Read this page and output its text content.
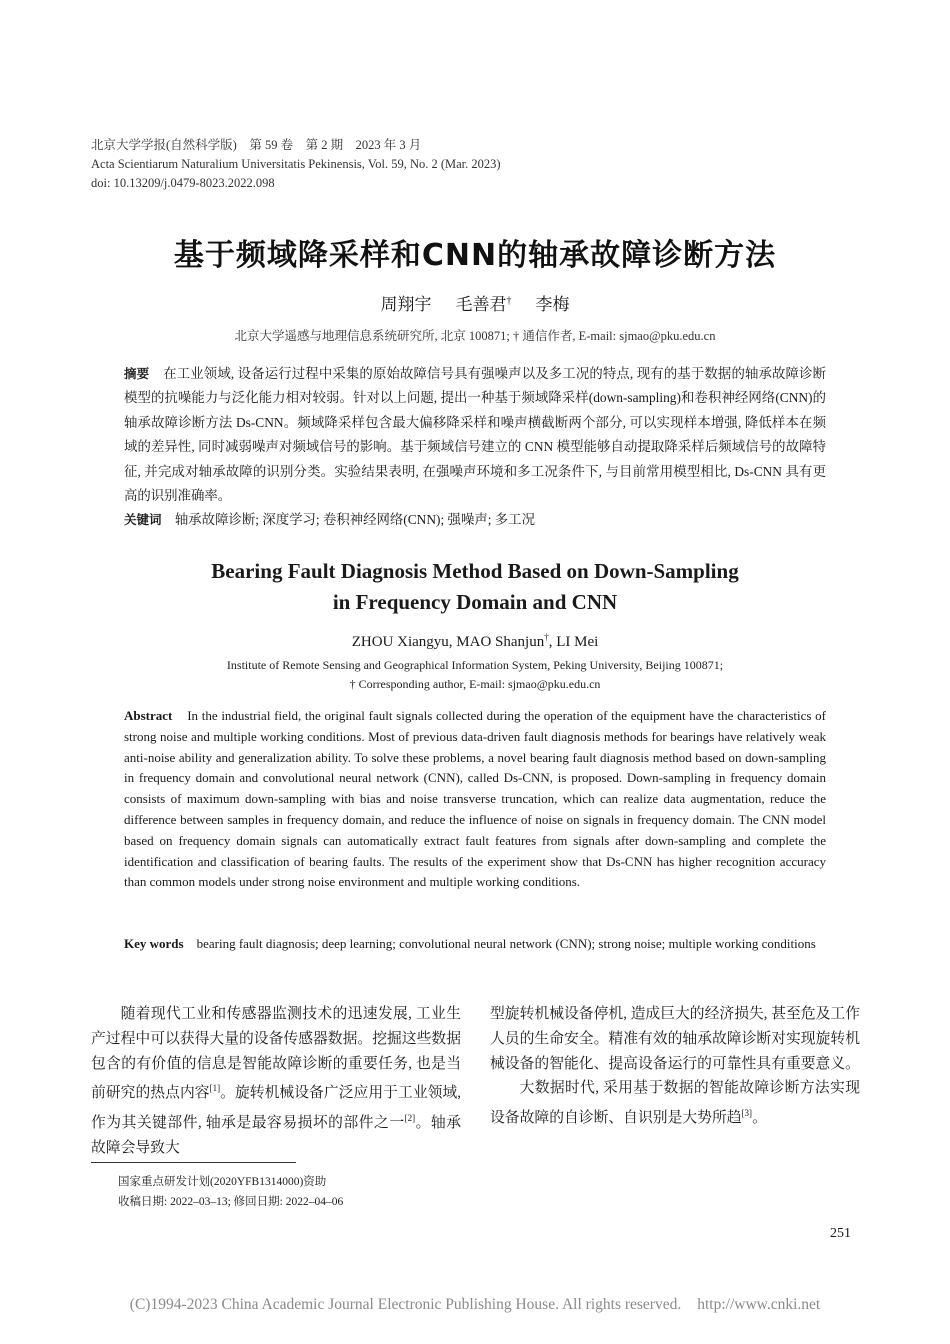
北京大学学报(自然科学版)　第 59 卷　第 2 期　2023 年 3 月
Acta Scientiarum Naturalium Universitatis Pekinensis, Vol. 59, No. 2 (Mar. 2023)
doi: 10.13209/j.0479-8023.2022.098
基于频域降采样和CNN的轴承故障诊断方法
周翔宇 毛善君† 李梅
北京大学遥感与地理信息系统研究所, 北京 100871; † 通信作者, E-mail: sjmao@pku.edu.cn
摘要 在工业领域, 设备运行过程中采集的原始故障信号具有强噪声以及多工况的特点, 现有的基于数据的轴承故障诊断模型的抗噪能力与泛化能力相对较弱。针对以上问题, 提出一种基于频域降采样(down-sampling)和卷积神经网络(CNN)的轴承故障诊断方法 Ds-CNN。频域降采样包含最大偏移降采样和噪声横截断两个部分, 可以实现样本增强, 降低样本在频域的差异性, 同时减弱噪声对频域信号的影响。基于频域信号建立的 CNN 模型能够自动提取降采样后频域信号的故障特征, 并完成对轴承故障的识别分类。实验结果表明, 在强噪声环境和多工况条件下, 与目前常用模型相比, Ds-CNN 具有更高的识别准确率。
关键词 轴承故障诊断; 深度学习; 卷积神经网络(CNN); 强噪声; 多工况
Bearing Fault Diagnosis Method Based on Down-Sampling
in Frequency Domain and CNN
ZHOU Xiangyu, MAO Shanjun†, LI Mei
Institute of Remote Sensing and Geographical Information System, Peking University, Beijing 100871;
† Corresponding author, E-mail: sjmao@pku.edu.cn
Abstract In the industrial field, the original fault signals collected during the operation of the equipment have the characteristics of strong noise and multiple working conditions. Most of previous data-driven fault diagnosis methods for bearings have relatively weak anti-noise ability and generalization ability. To solve these problems, a novel bearing fault diagnosis method based on down-sampling in frequency domain and convolutional neural network (CNN), called Ds-CNN, is proposed. Down-sampling in frequency domain consists of maximum down-sampling with bias and noise transverse truncation, which can realize data augmentation, reduce the difference between samples in frequency domain, and reduce the influence of noise on signals in frequency domain. The CNN model based on frequency domain signals can automatically extract fault features from signals after down-sampling and complete the identification and classification of bearing faults. The results of the experiment show that Ds-CNN has higher recognition accuracy than common models under strong noise environment and multiple working conditions.
Key words bearing fault diagnosis; deep learning; convolutional neural network (CNN); strong noise; multiple working conditions

随着现代工业和传感器监测技术的迅速发展, 工业生产过程中可以获得大量的设备传感器数据。挖掘这些数据包含的有价值的信息是智能故障诊断的重要任务, 也是当前研究的热点内容[1]。旋转机械设备广泛应用于工业领域, 作为其关键部件, 轴承是最容易损坏的部件之一[2]。轴承故障会导致大

型旋转机械设备停机, 造成巨大的经济损失, 甚至危及工作人员的生命安全。精准有效的轴承故障诊断对实现旋转机械设备的智能化、提高设备运行的可靠性具有重要意义。

大数据时代, 采用基于数据的智能故障诊断方法实现设备故障的自诊断、自识别是大势所趋[3]。

国家重点研发计划(2020YFB1314000)资助
收稿日期: 2022–03–13; 修回日期: 2022–04–06
251
(C)1994-2023 China Academic Journal Electronic Publishing House. All rights reserved. http://www.cnki.net
